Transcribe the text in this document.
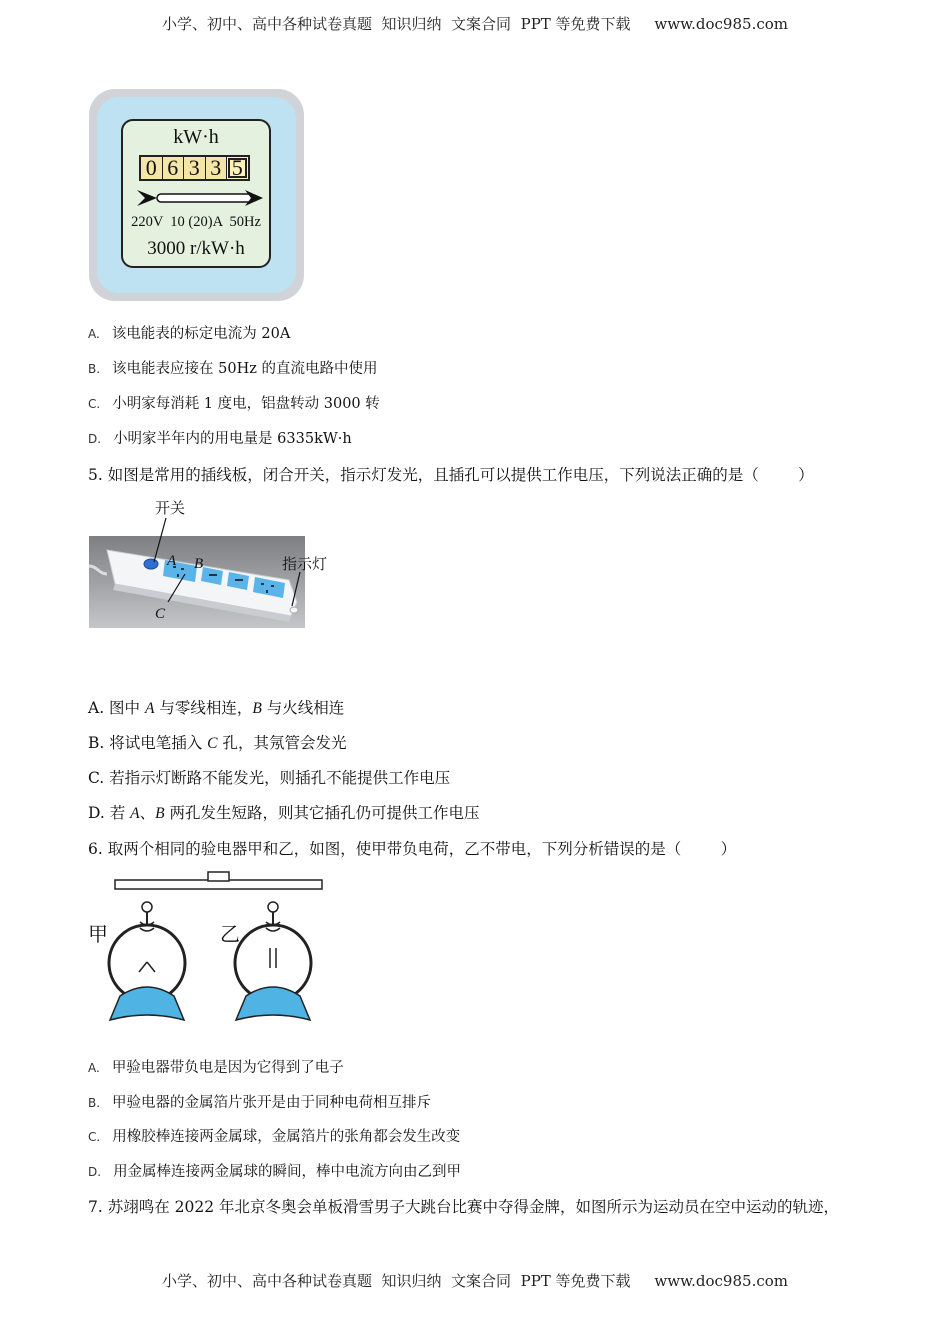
小学、初中、高中各种试卷真题  知识归纳  文案合同  PPT 等免费下载     www.doc985.com
kW·h
0 6 3 3 5
220V  10 (20)A  50Hz
3000 r/kW·h
A. 该电能表的标定电流为 20A
B. 该电能表应接在 50Hz 的直流电路中使用
C. 小明家每消耗 1 度电，铝盘转动 3000 转
D. 小明家半年内的用电量是 6335kW·h
5. 如图是常用的插线板，闭合开关，指示灯发光，且插孔可以提供工作电压，下列说法正确的是（        ）
开关
指示灯
A B
C
A. 图中 A 与零线相连，B 与火线相连
B. 将试电笔插入 C 孔，其氖管会发光
C. 若指示灯断路不能发光，则插孔不能提供工作电压
D. 若 A、B 两孔发生短路，则其它插孔仍可提供工作电压
6. 取两个相同的验电器甲和乙，如图，使甲带负电荷，乙不带电，下列分析错误的是（        ）
甲	乙
A. 甲验电器带负电是因为它得到了电子
B. 甲验电器的金属箔片张开是由于同种电荷相互排斥
C. 用橡胶棒连接两金属球，金属箔片的张角都会发生改变
D. 用金属棒连接两金属球的瞬间，棒中电流方向由乙到甲
7. 苏翊鸣在 2022 年北京冬奥会单板滑雪男子大跳台比赛中夺得金牌，如图所示为运动员在空中运动的轨迹，
小学、初中、高中各种试卷真题  知识归纳  文案合同  PPT 等免费下载     www.doc985.com
